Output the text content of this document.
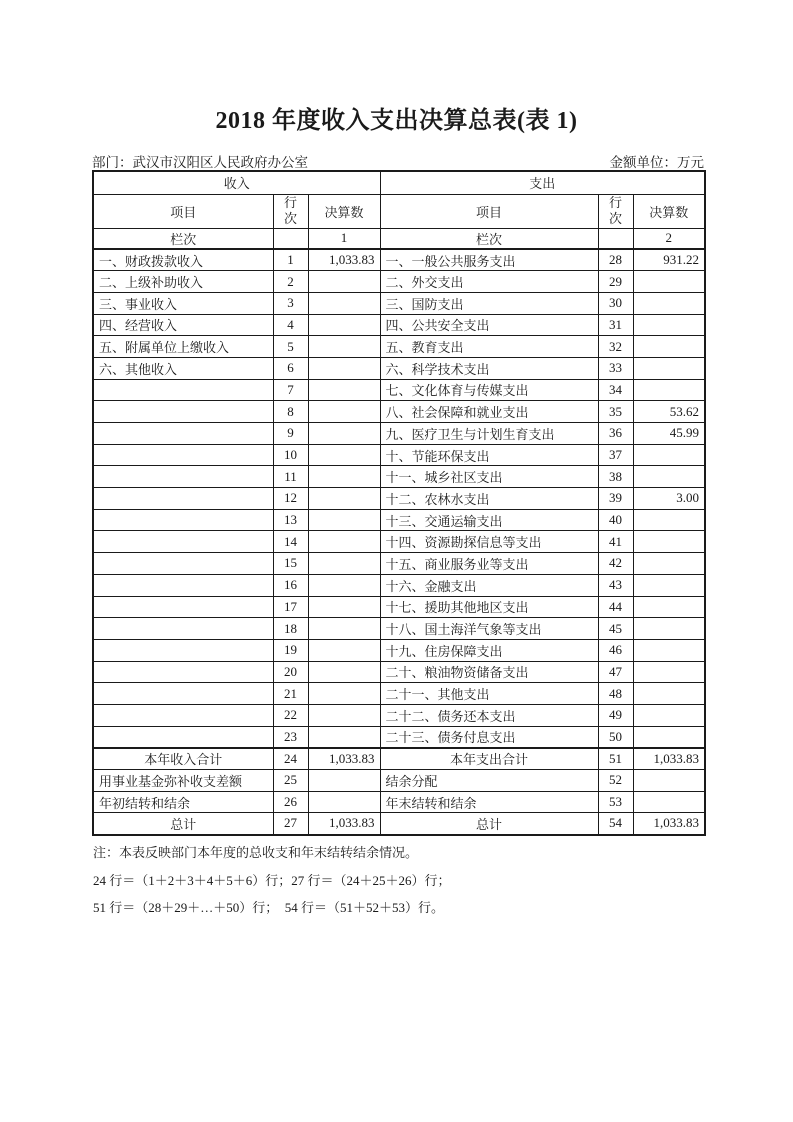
2018 年度收入支出决算总表(表 1)
部门：武汉市汉阳区人民政府办公室	金额单位：万元
收入			支出		
项目	行次	决算数	项目	行次	决算数
栏次		1	栏次		2
一、财政拨款收入	1	1,033.83	一、一般公共服务支出	28	931.22
二、上级补助收入	2		二、外交支出	29	
三、事业收入	3		三、国防支出	30	
四、经营收入	4		四、公共安全支出	31	
五、附属单位上缴收入	5		五、教育支出	32	
六、其他收入	6		六、科学技术支出	33	
	7		七、文化体育与传媒支出	34	
	8		八、社会保障和就业支出	35	53.62
	9		九、医疗卫生与计划生育支出	36	45.99
	10		十、节能环保支出	37	
	11		十一、城乡社区支出	38	
	12		十二、农林水支出	39	3.00
	13		十三、交通运输支出	40	
	14		十四、资源勘探信息等支出	41	
	15		十五、商业服务业等支出	42	
	16		十六、金融支出	43	
	17		十七、援助其他地区支出	44	
	18		十八、国土海洋气象等支出	45	
	19		十九、住房保障支出	46	
	20		二十、粮油物资储备支出	47	
	21		二十一、其他支出	48	
	22		二十二、债务还本支出	49	
	23		二十三、债务付息支出	50	
本年收入合计	24	1,033.83	本年支出合计	51	1,033.83
用事业基金弥补收支差额	25		结余分配	52	
年初结转和结余	26		年末结转和结余	53	
总计	27	1,033.83	总计	54	1,033.83
注：本表反映部门本年度的总收支和年末结转结余情况。
24 行＝（1＋2＋3＋4＋5＋6）行；27 行＝（24＋25＋26）行；
51 行＝（28＋29＋…＋50）行；　54 行＝（51＋52＋53）行。
